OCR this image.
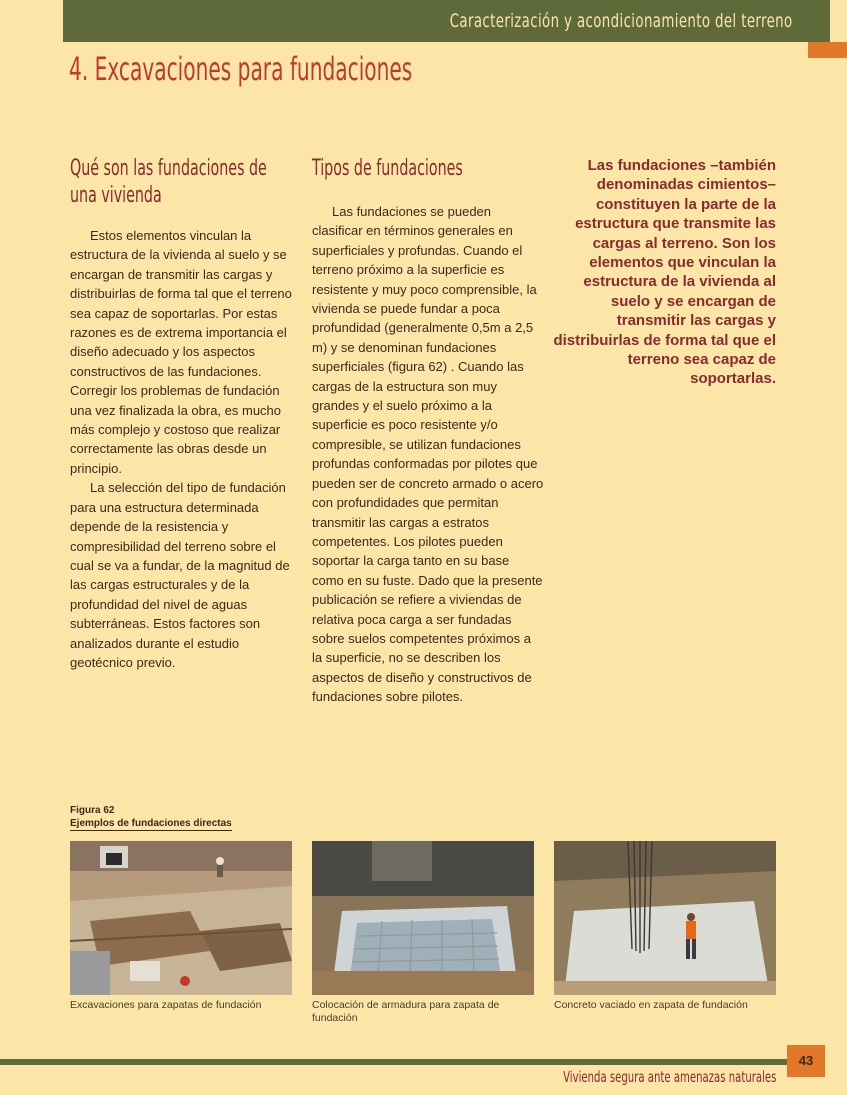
Caracterización y acondicionamiento del terreno
4. Excavaciones para fundaciones
Qué son las fundaciones de una vivienda

Estos elementos vinculan la estructura de la vivienda al suelo y se encargan de transmitir las cargas y distribuirlas de forma tal que el terreno sea capaz de soportarlas. Por estas razones es de extrema importancia el diseño adecuado y los aspectos constructivos de las fundaciones. Corregir los problemas de fundación una vez finalizada la obra, es mucho más complejo y costoso que realizar correctamente las obras desde un principio.

La selección del tipo de fundación para una estructura determinada depende de la resistencia y compresibilidad del terreno sobre el cual se va a fundar, de la magnitud de las cargas estructurales y de la profundidad del nivel de aguas subterráneas. Estos factores son analizados durante el estudio geotécnico previo.

Tipos de fundaciones

Las fundaciones se pueden clasificar en términos generales en superficiales y profundas. Cuando el terreno próximo a la superficie es resistente y muy poco comprensible, la vivienda se puede fundar a poca profundidad (generalmente 0,5m a 2,5 m) y se denominan fundaciones superficiales (figura 62) . Cuando las cargas de la estructura son muy grandes y el suelo próximo a la superficie es poco resistente y/o compresible, se utilizan fundaciones profundas conformadas por pilotes que pueden ser de concreto armado o acero con profundidades que permitan transmitir las cargas a estratos competentes. Los pilotes pueden soportar la carga tanto en su base como en su fuste. Dado que la presente publicación se refiere a viviendas de relativa poca carga a ser fundadas sobre suelos competentes próximos a la superficie, no se describen los aspectos de diseño y constructivos de fundaciones sobre pilotes.

Las fundaciones –también denominadas cimientos– constituyen la parte de la estructura que transmite las cargas al terreno. Son los elementos que vinculan la estructura de la vivienda al suelo y se encargan de transmitir las cargas y distribuirlas de forma tal que el terreno sea capaz de soportarlas.
Figura 62
Ejemplos de fundaciones directas
Excavaciones para zapatas de fundación	Colocación de armadura para zapata de fundación
Concreto vaciado en zapata de fundación
43
Vivienda segura ante amenazas naturales
